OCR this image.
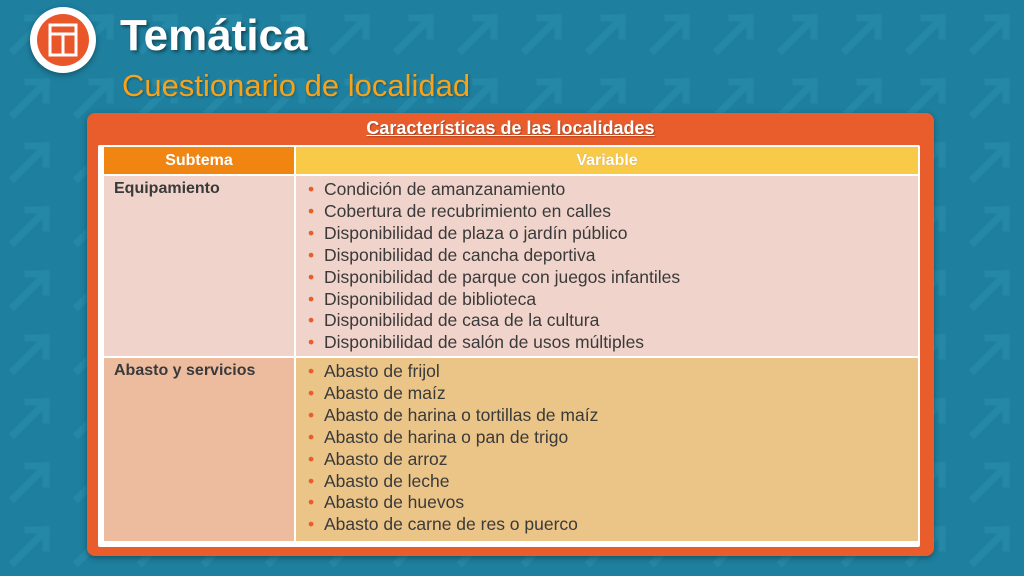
Temática
Cuestionario de localidad
Características de las localidades
Subtema	Variable
Equipamiento	• Condición de amanzanamiento
• Cobertura de recubrimiento en calles
• Disponibilidad de plaza o jardín público
• Disponibilidad de cancha deportiva
• Disponibilidad de parque con juegos infantiles
• Disponibilidad de biblioteca
• Disponibilidad de casa de la cultura
• Disponibilidad de salón de usos múltiples
Abasto y servicios	• Abasto de frijol
• Abasto de maíz
• Abasto de harina o tortillas de maíz
• Abasto de harina o pan de trigo
• Abasto de arroz
• Abasto de leche
• Abasto de huevos
• Abasto de carne de res o puerco
